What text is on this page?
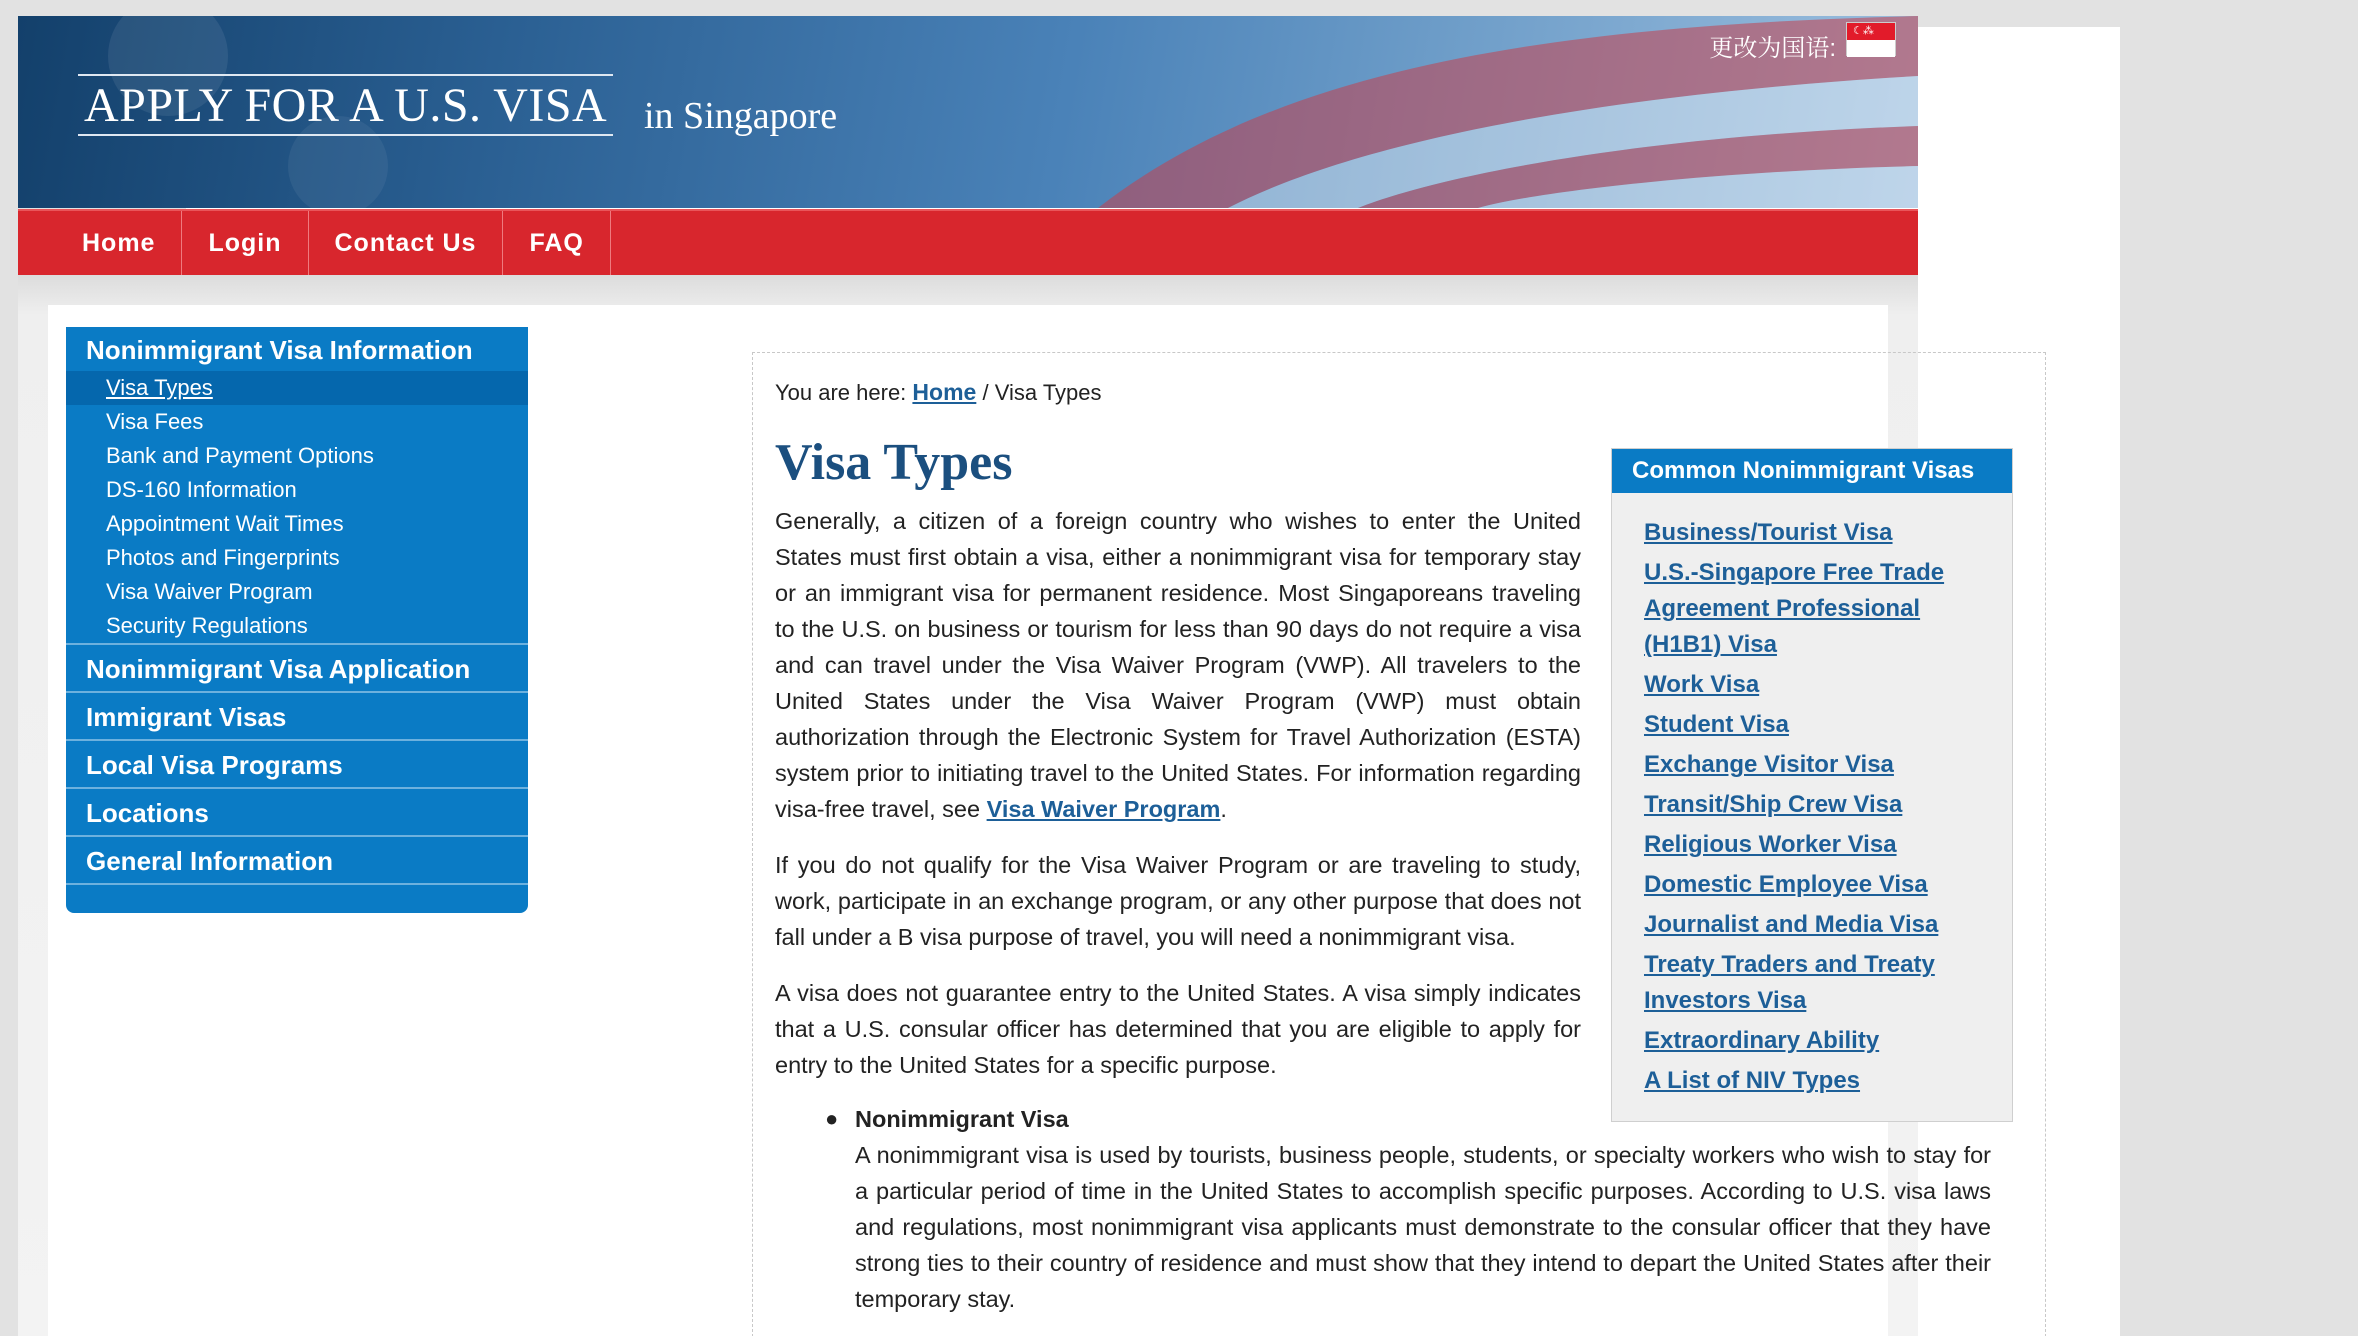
APPLY FOR A U.S. VISA in Singapore
更改为国语:
☾⁂
Home	Login	Contact Us	FAQ
Nonimmigrant Visa Information
Visa Types
Visa Fees
Bank and Payment Options
DS-160 Information
Appointment Wait Times
Photos and Fingerprints
Visa Waiver Program
Security Regulations
Nonimmigrant Visa Application
Immigrant Visas
Local Visa Programs
Locations
General Information
You are here: Home / Visa Types
Visa Types

Generally, a citizen of a foreign country who wishes to enter the United States must first obtain a visa, either a nonimmigrant visa for temporary stay or an immigrant visa for permanent residence. Most Singaporeans traveling to the U.S. on business or tourism for less than 90 days do not require a visa and can travel under the Visa Waiver Program (VWP). All travelers to the United States under the Visa Waiver Program (VWP) must obtain authorization through the Electronic System for Travel Authorization (ESTA) system prior to initiating travel to the United States. For information regarding visa-free travel, see Visa Waiver Program.

If you do not qualify for the Visa Waiver Program or are traveling to study, work, participate in an exchange program, or any other purpose that does not fall under a B visa purpose of travel, you will need a nonimmigrant visa.

A visa does not guarantee entry to the United States. A visa simply indicates that a U.S. consular officer has determined that you are eligible to apply for entry to the United States for a specific purpose.

● Nonimmigrant Visa
A nonimmigrant visa is used by tourists, business people, students, or specialty workers who wish to stay for a particular period of time in the United States to accomplish specific purposes. According to U.S. visa laws and regulations, most nonimmigrant visa applicants must demonstrate to the consular officer that they have strong ties to their country of residence and must show that they intend to depart the United States after their temporary stay.
Common Nonimmigrant Visas
Business/Tourist Visa
U.S.-Singapore Free Trade Agreement Professional (H1B1) Visa
Work Visa
Student Visa
Exchange Visitor Visa
Transit/Ship Crew Visa
Religious Worker Visa
Domestic Employee Visa
Journalist and Media Visa
Treaty Traders and Treaty Investors Visa
Extraordinary Ability
A List of NIV Types
